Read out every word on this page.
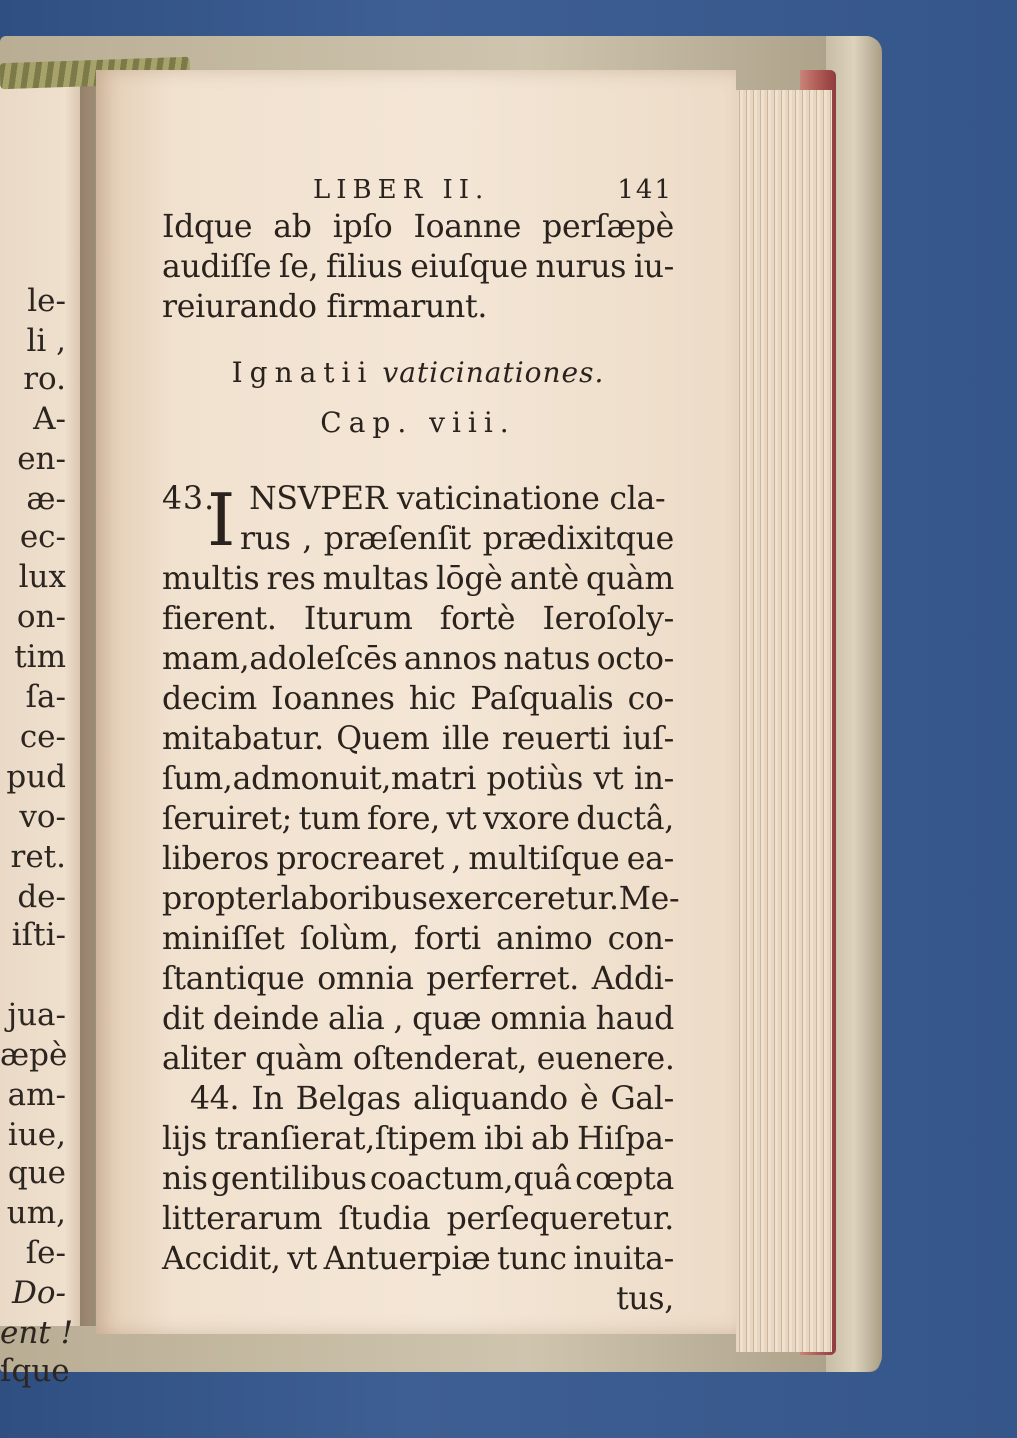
le-
li ,
ro.
A-
en-
æ-
ec-
lux
on-
tim
ſa-
ce-
pud
vo-
ret.
de-
iſti-
jua-
æpè
am-
iue,
que
um,
ſe-
Do-
ent !
ſque
LIBER II.	141
Idque ab ipſo Ioanne perſæpè
audiſſe ſe, filius eiuſque nurus iu-
reiurando firmarunt.
Ignatii vaticinationes.
Cap. viii.
43. NSVPER vaticinatione cla-
rus , præſenſit prædixitque
multis res multas lōgè antè quàm
fierent. Iturum fortè Ieroſoly-
mam,adoleſcēs annos natus octo-
decim Ioannes hic Paſqualis co-
mitabatur. Quem ille reuerti iuſ-
ſum,admonuit,matri potiùs vt in-
ſeruiret; tum fore, vt vxore ductâ,
liberos procrearet , multiſque ea-
propter laboribus exerceretur.Me-
miniſſet ſolùm, forti animo con-
ſtantique omnia perferret. Addi-
dit deinde alia , quæ omnia haud
aliter quàm oſtenderat, euenere.
I
44. In Belgas aliquando è Gal-
lijs tranſierat,ſtipem ibi ab Hiſpa-
nis gentilibus coactum,quâ cœpta
litterarum ſtudia perſequeretur.
Accidit, vt Antuerpiæ tunc inuita-
tus,
